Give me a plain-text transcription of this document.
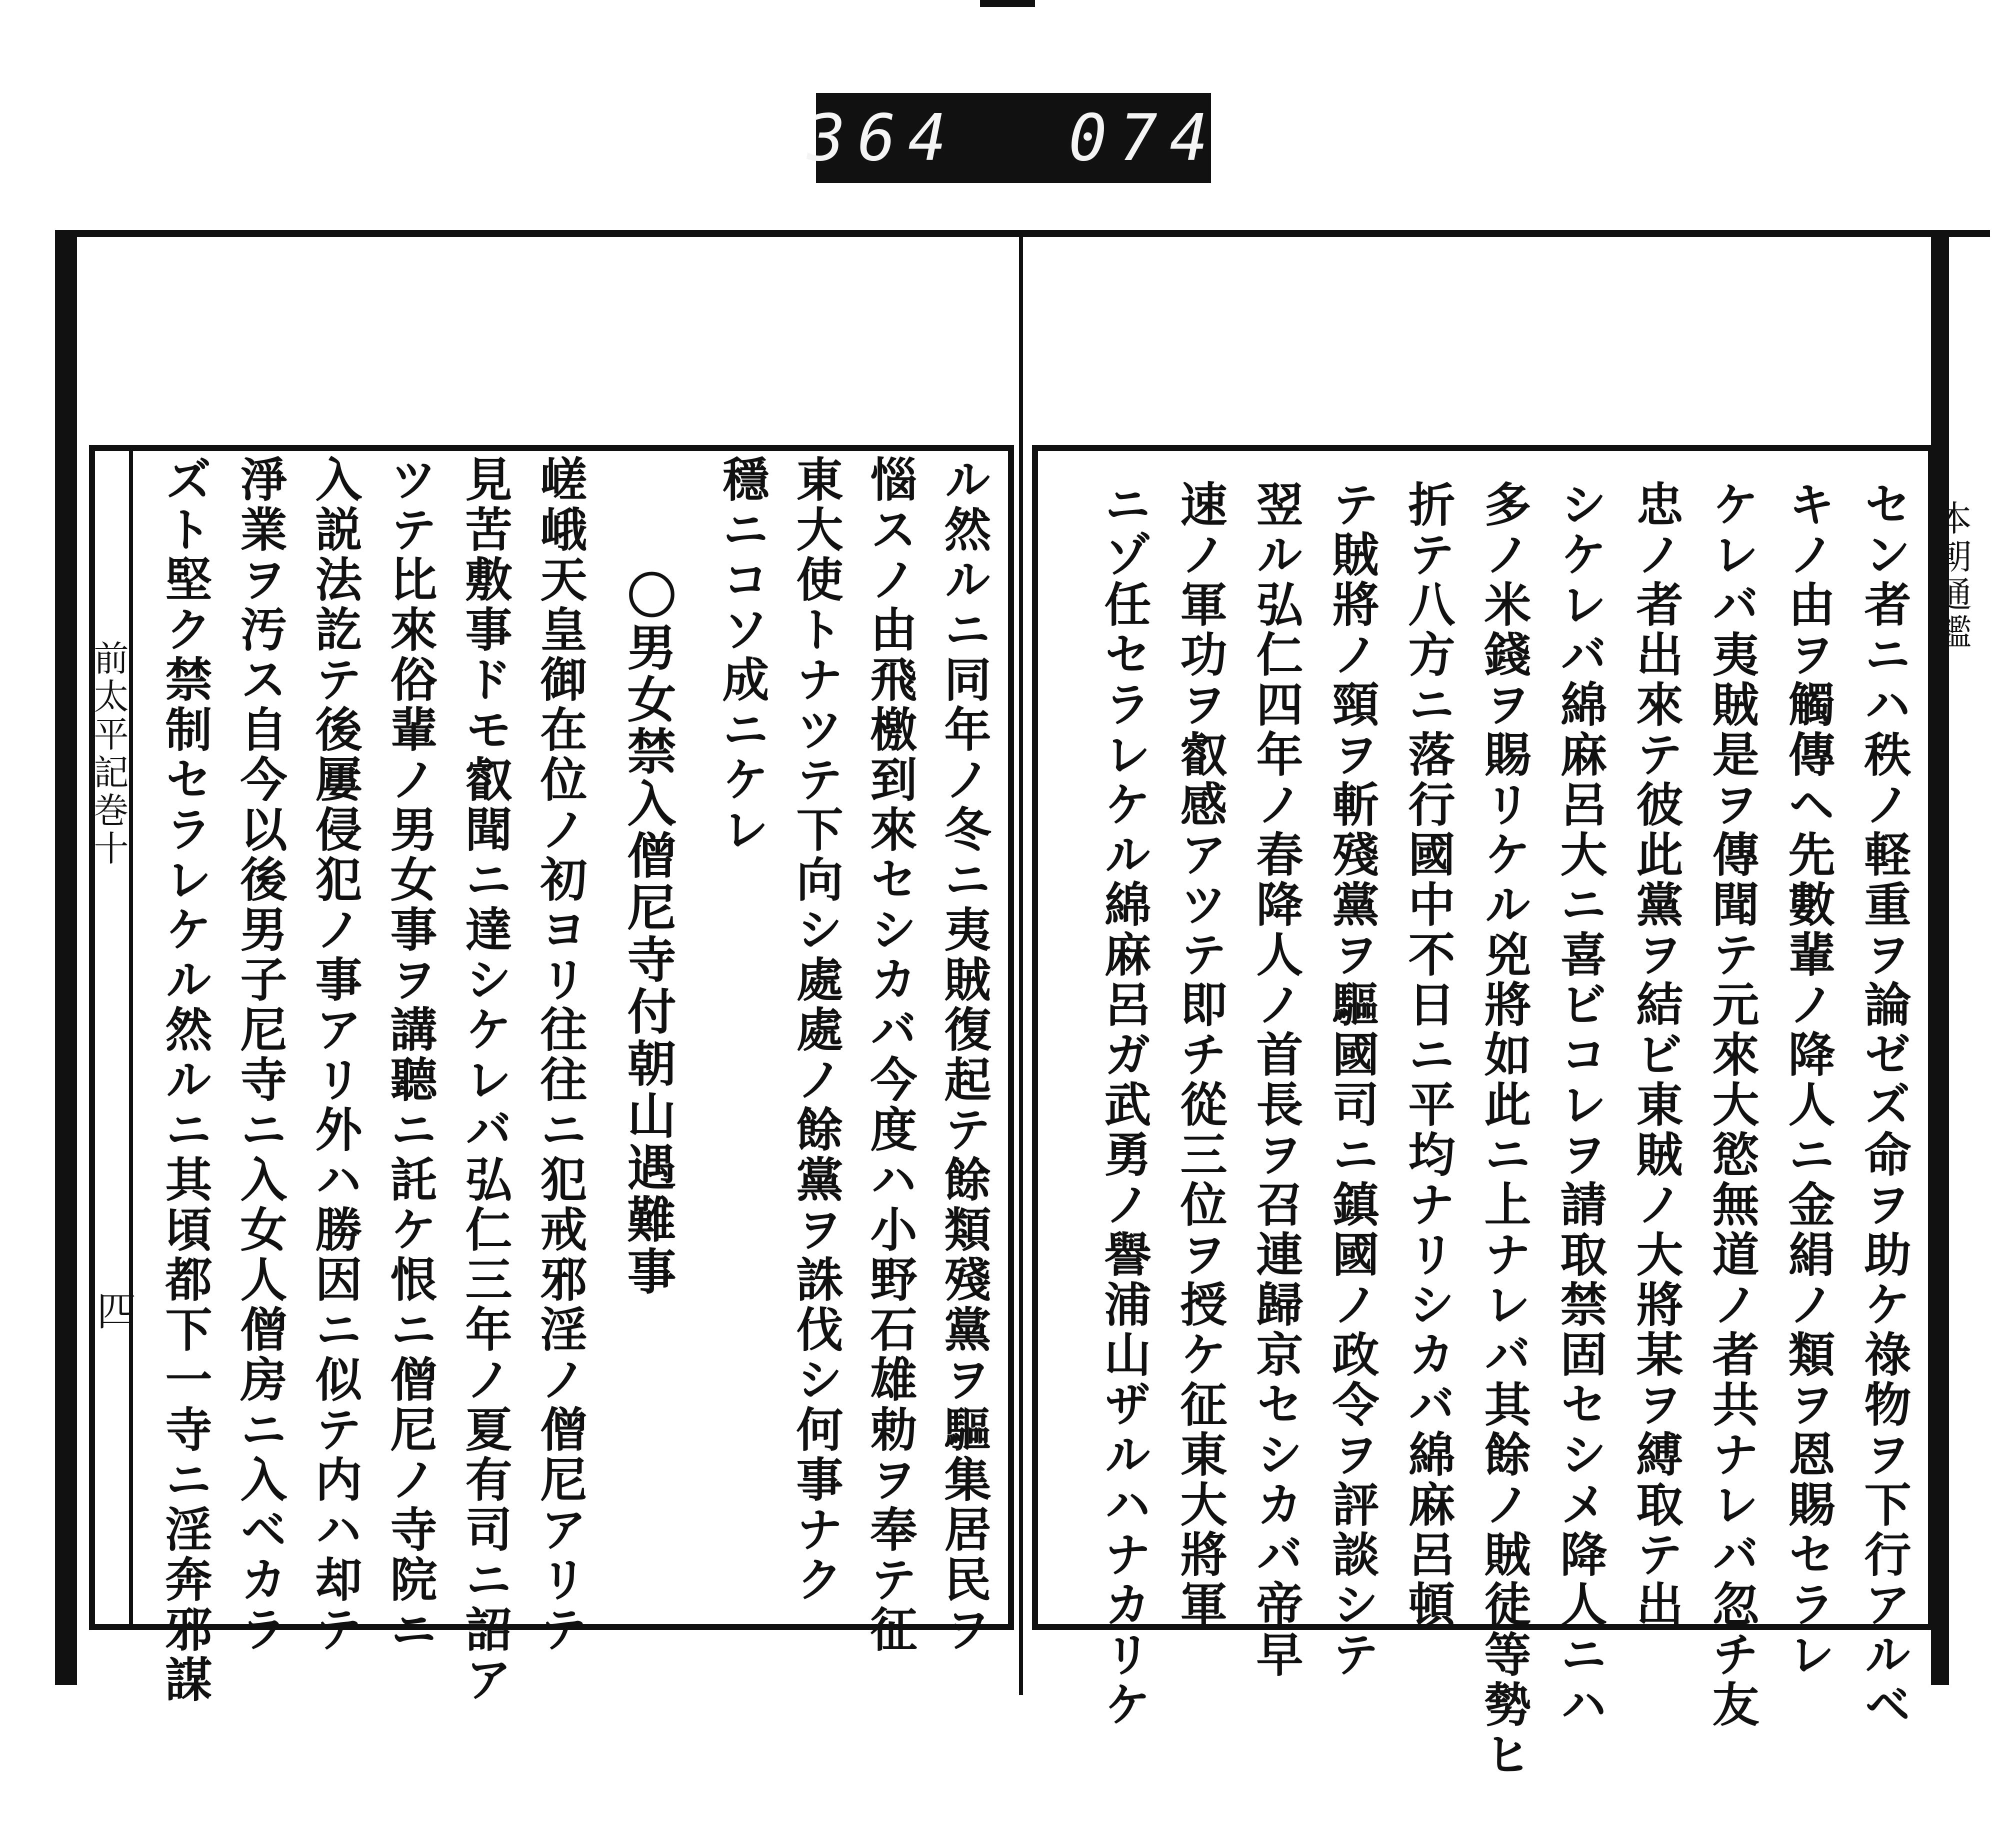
364 074
本朝通鑑
セン者ニハ秩ノ軽重ヲ論ゼズ命ヲ助ケ祿物ヲ下行アルベ
キノ由ヲ觸傳ヘ先數輩ノ降人ニ金絹ノ類ヲ恩賜セラレ
ケレバ夷賊是ヲ傳聞テ元來大慾無道ノ者共ナレバ忽チ友
忠ノ者出來テ彼此黨ヲ結ビ東賊ノ大將某ヲ縛取テ出
シケレバ綿麻呂大ニ喜ビコレヲ請取禁固セシメ降人ニハ
多ノ米錢ヲ賜リケル兇將如此ニ上ナレバ其餘ノ賊徒等勢ヒ
折テ八方ニ落行國中不日ニ平均ナリシカバ綿麻呂頓
テ賊將ノ頸ヲ斬殘黨ヲ驅國司ニ鎮國ノ政令ヲ評談シテ
翌ル弘仁四年ノ春降人ノ首長ヲ召連歸京セシカバ帝早
速ノ軍功ヲ叡感アツテ即チ從三位ヲ授ケ征東大將軍
ニゾ任セラレケル綿麻呂ガ武勇ノ譽浦山ザルハナカリケ
前太平記巻十
四	ル然ルニ同年ノ冬ニ夷賊復起テ餘類殘黨ヲ驅集居民ヲ
惱スノ由飛檄到來セシカバ今度ハ小野石雄勅ヲ奉テ征
東大使トナツテ下向シ處處ノ餘黨ヲ誅伐シ何事ナク
穩ニコソ成ニケレ
〇男女禁入僧尼寺付朝山遇難事
嵯峨天皇御在位ノ初ヨリ往往ニ犯戒邪淫ノ僧尼アリテ
見苦敷事ドモ叡聞ニ達シケレバ弘仁三年ノ夏有司ニ詔ア
ツテ比來俗輩ノ男女事ヲ講聽ニ託ケ恨ニ僧尼ノ寺院ニ
入説法訖テ後屢侵犯ノ事アリ外ハ勝因ニ似テ内ハ却テ
淨業ヲ汚ス自今以後男子尼寺ニ入女人僧房ニ入ベカラ
ズト堅ク禁制セラレケル然ルニ其頃都下一寺ニ淫奔邪謀
